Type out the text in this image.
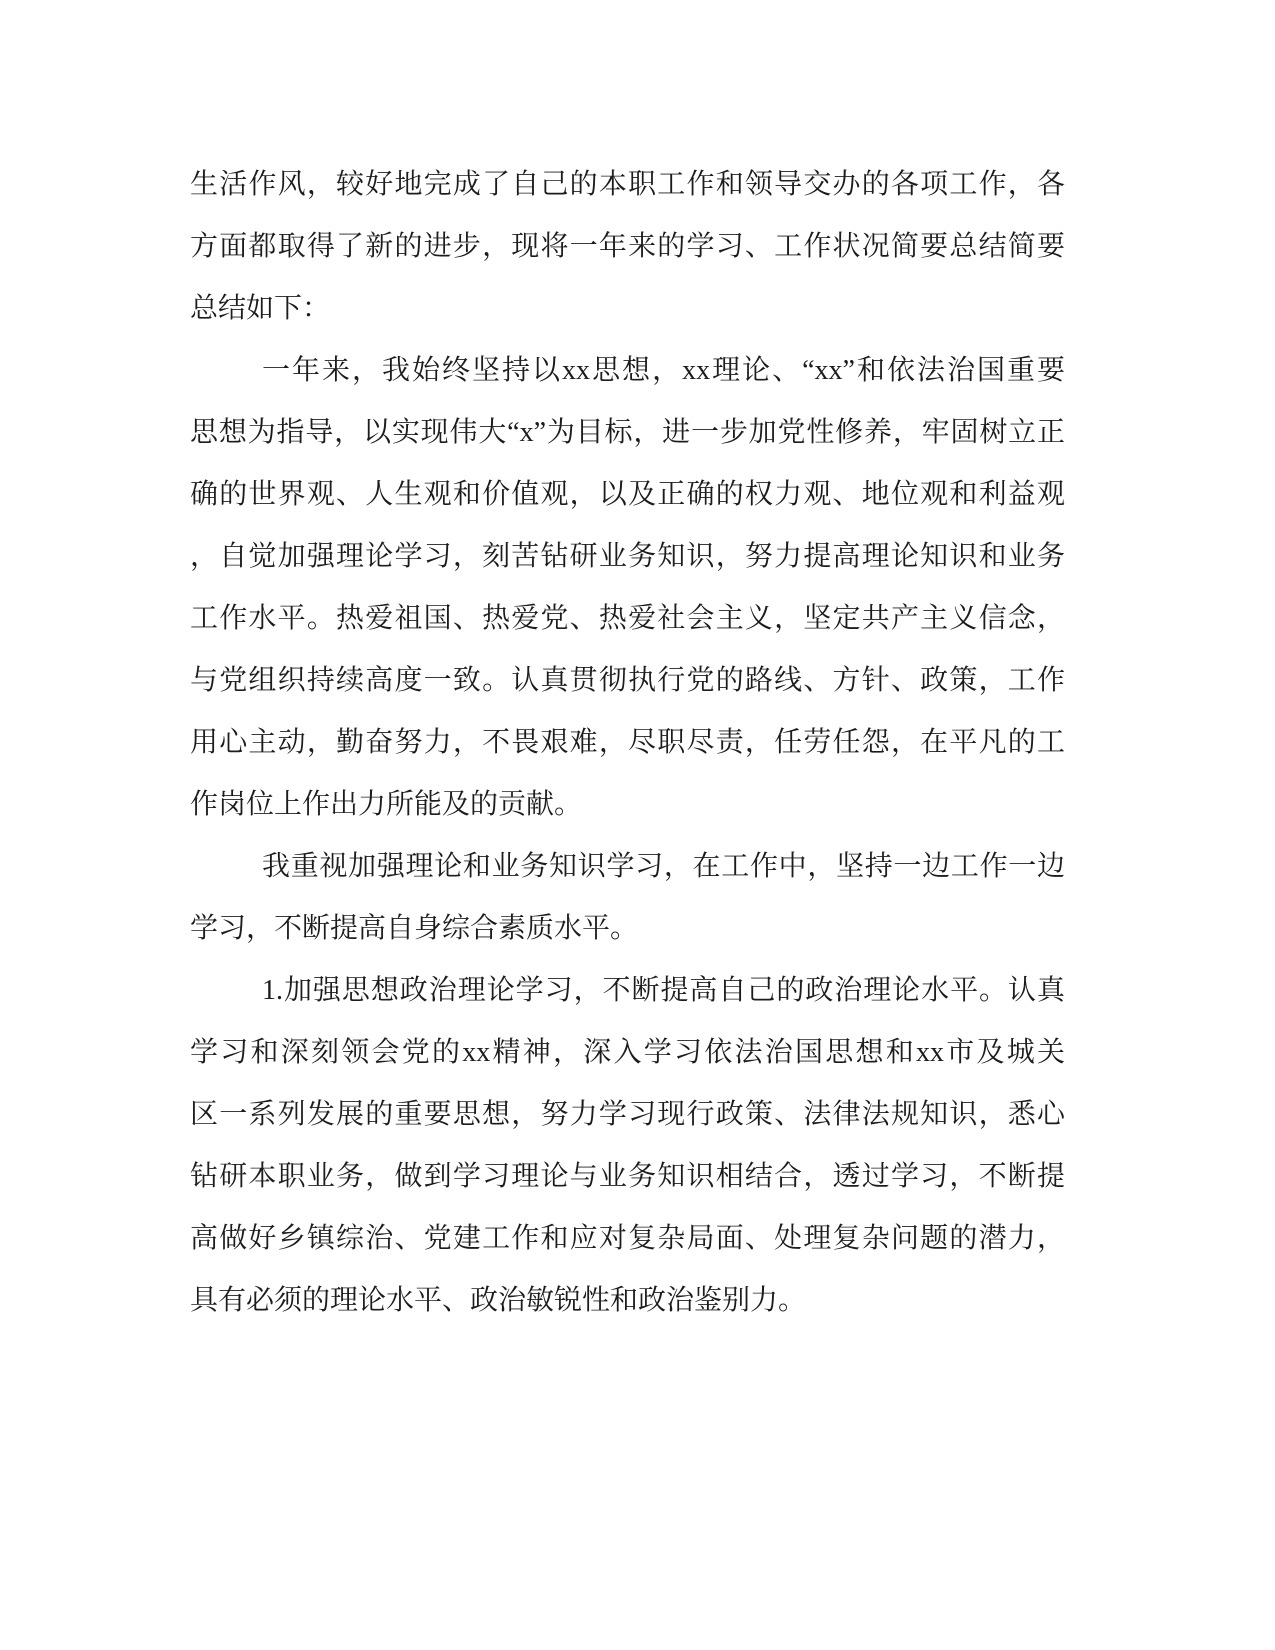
生活作风，较好地完成了自己的本职工作和领导交办的各项工作，各
方面都取得了新的进步，现将一年来的学习、工作状况简要总结简要
总结如下：
一年来，我始终坚持以xx思想，xx理论、“xx”和依法治国重要
思想为指导，以实现伟大“x”为目标，进一步加党性修养，牢固树立正
确的世界观、人生观和价值观，以及正确的权力观、地位观和利益观
，自觉加强理论学习，刻苦钻研业务知识，努力提高理论知识和业务
工作水平。热爱祖国、热爱党、热爱社会主义，坚定共产主义信念，
与党组织持续高度一致。认真贯彻执行党的路线、方针、政策，工作
用心主动，勤奋努力，不畏艰难，尽职尽责，任劳任怨，在平凡的工
作岗位上作出力所能及的贡献。
我重视加强理论和业务知识学习，在工作中，坚持一边工作一边
学习，不断提高自身综合素质水平。
1.加强思想政治理论学习，不断提高自己的政治理论水平。认真
学习和深刻领会党的xx精神，深入学习依法治国思想和xx市及城关
区一系列发展的重要思想，努力学习现行政策、法律法规知识，悉心
钻研本职业务，做到学习理论与业务知识相结合，透过学习，不断提
高做好乡镇综治、党建工作和应对复杂局面、处理复杂问题的潜力，
具有必须的理论水平、政治敏锐性和政治鉴别力。
